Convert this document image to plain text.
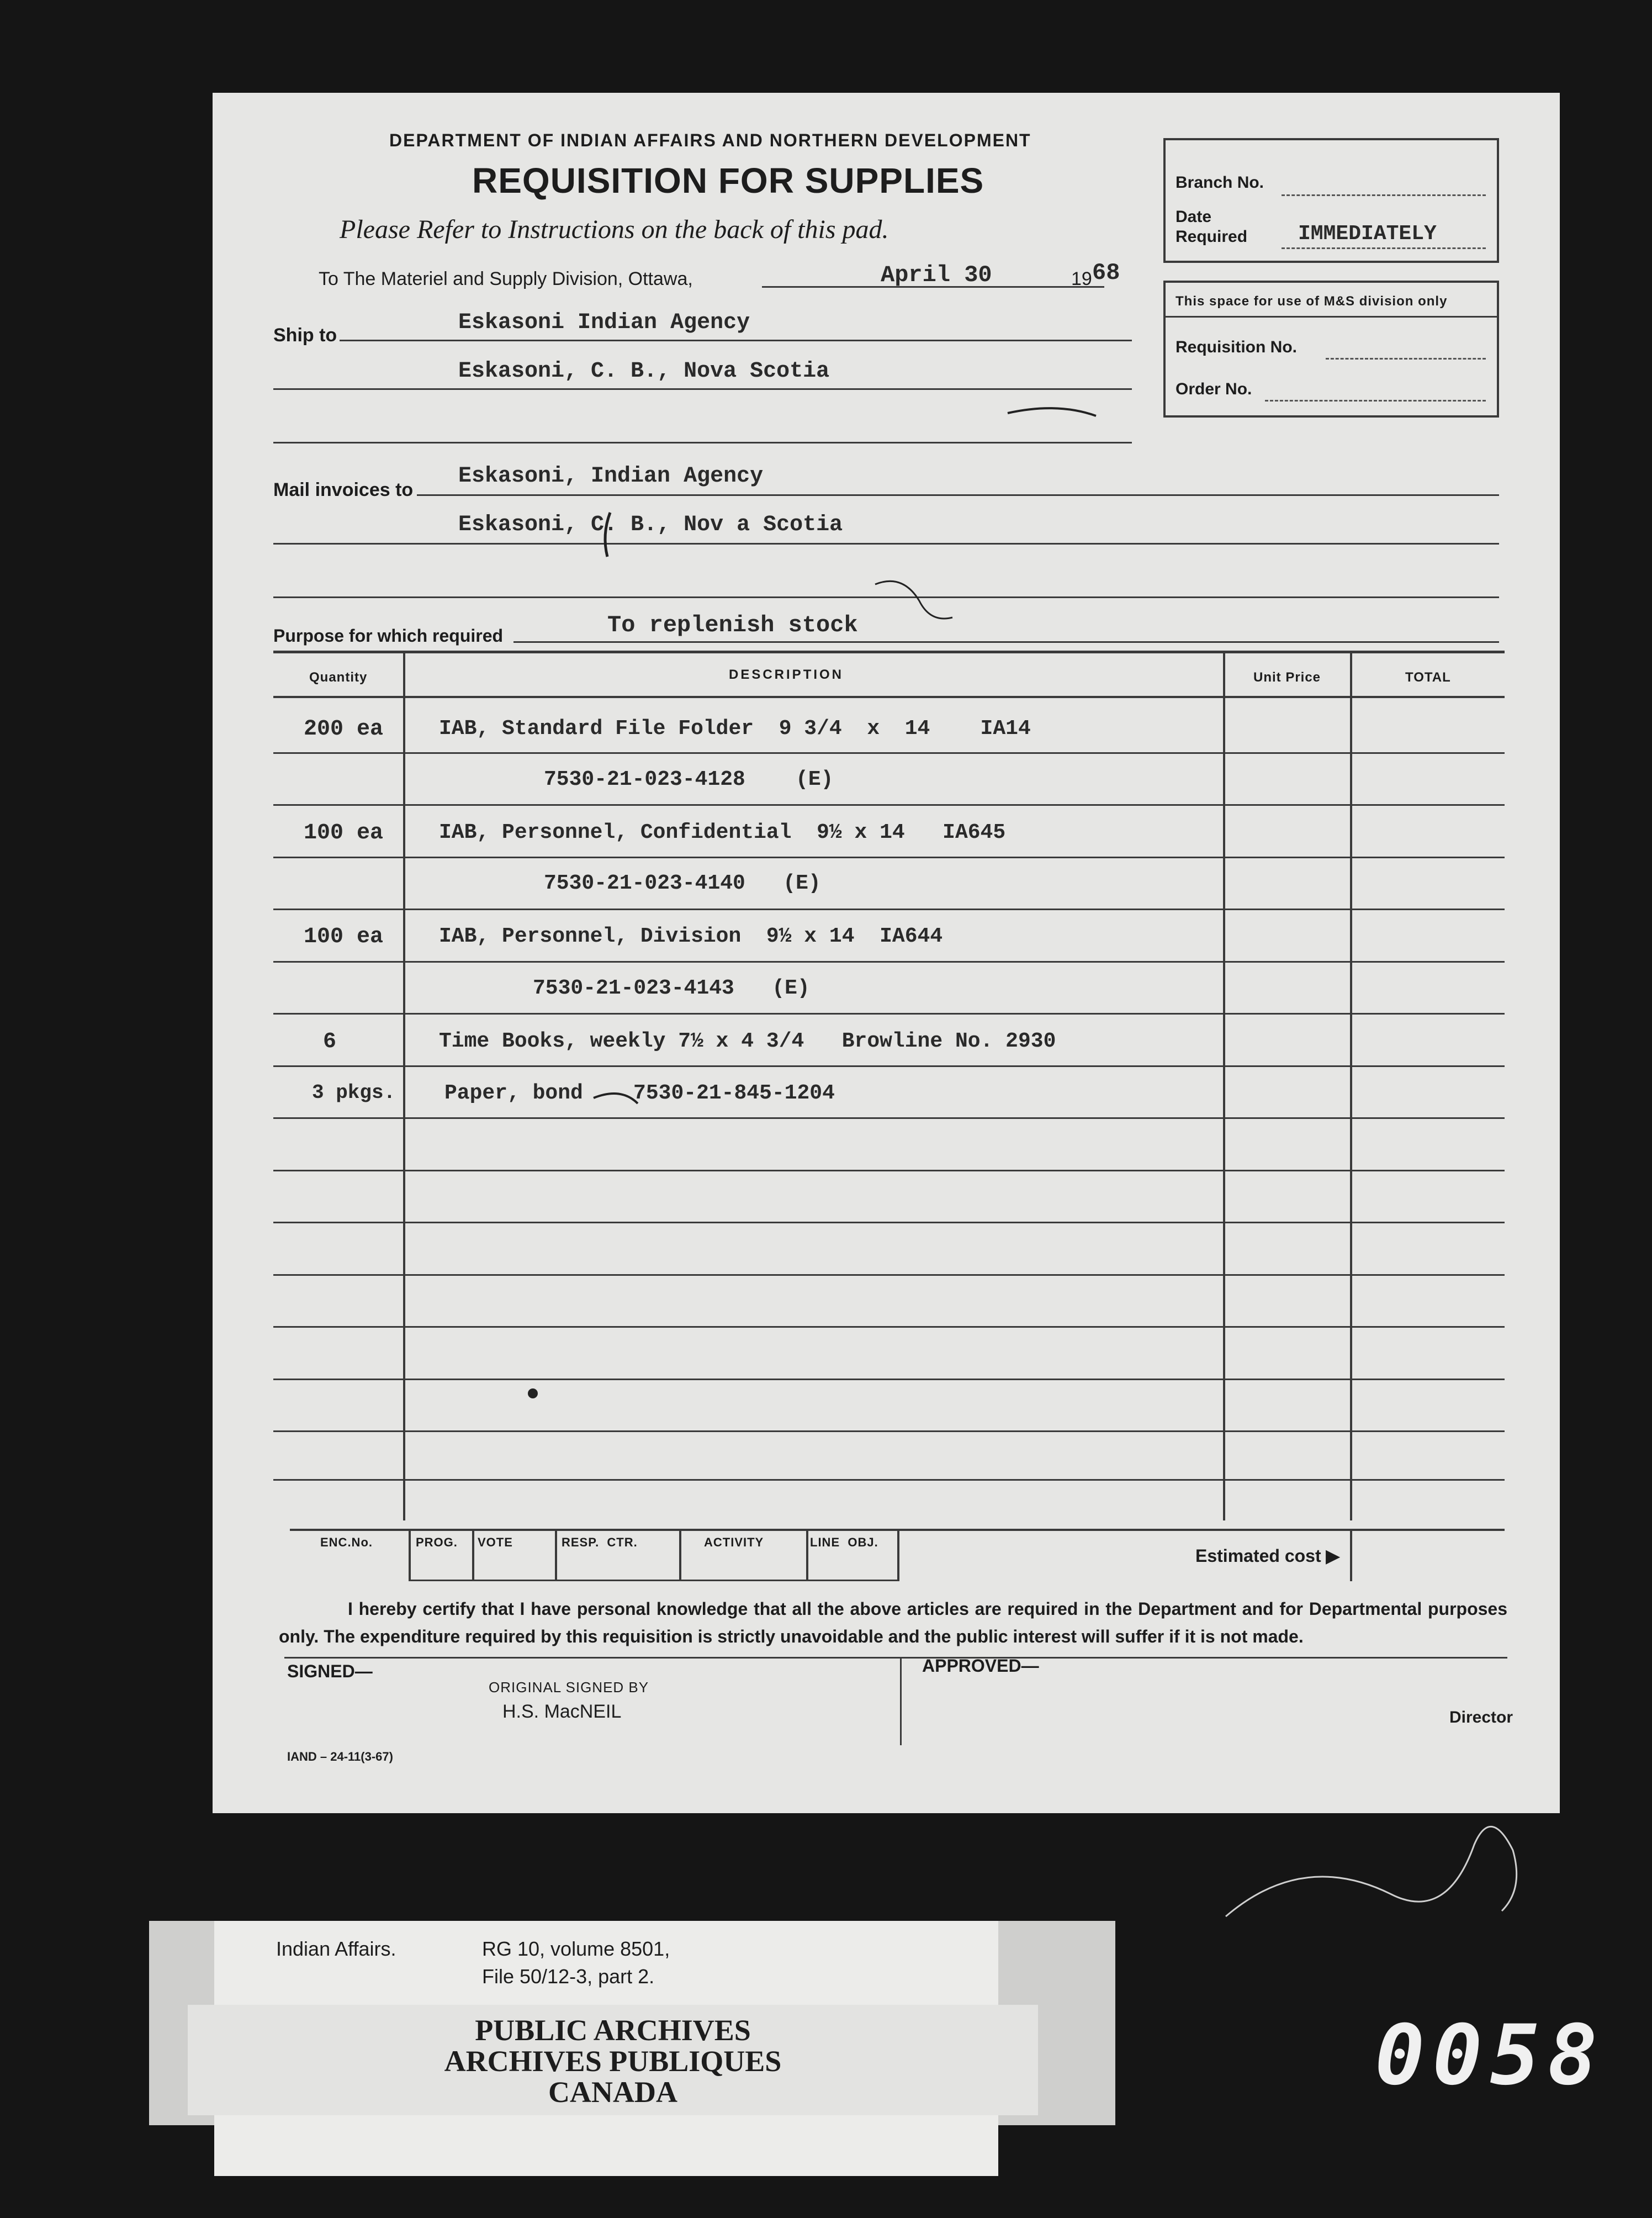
DEPARTMENT OF INDIAN AFFAIRS AND NORTHERN DEVELOPMENT
REQUISITION FOR SUPPLIES
Please Refer to Instructions on the back of this pad.
Branch No.
Date
Required IMMEDIATELY
This space for use of M&S division only
Requisition No.
Order No.
To The Materiel and Supply Division, Ottawa,	April 30	19 68
Ship to	Eskasoni Indian Agency
Eskasoni, C. B., Nova Scotia
Mail invoices to
Eskasoni, Indian Agency
Eskasoni, C. B., Nov a Scotia
Purpose for which required	To replenish stock
Quantity	DESCRIPTION	Unit Price	TOTAL
200 ea	IAB, Standard File Folder  9 3/4  x  14    IA14
7530-21-023-4128    (E)
100 ea	IAB, Personnel, Confidential  9½ x 14   IA645
7530-21-023-4140   (E)
100 ea	IAB, Personnel, Division  9½ x 14  IA644
7530-21-023-4143   (E)
6	Time Books, weekly 7½ x 4 3/4   Browline No. 2930
3 pkgs. Paper, bond    7530-21-845-1204
ENC.No.	PROG. VOTE	RESP.  CTR.	ACTIVITY	LINE  OBJ.
Estimated cost ▶
I hereby certify that I have personal knowledge that all the above articles are required in the Department and for Departmental purposes only. The expenditure required by this requisition is strictly unavoidable and the public interest will suffer if it is not made.
SIGNED—
ORIGINAL SIGNED BY
H.S. MacNEIL
APPROVED—
Director
IAND – 24-11(3-67)
Indian Affairs.	RG 10, volume 8501,
File 50/12-3, part 2.
PUBLIC ARCHIVES
ARCHIVES PUBLIQUES
CANADA	0058
